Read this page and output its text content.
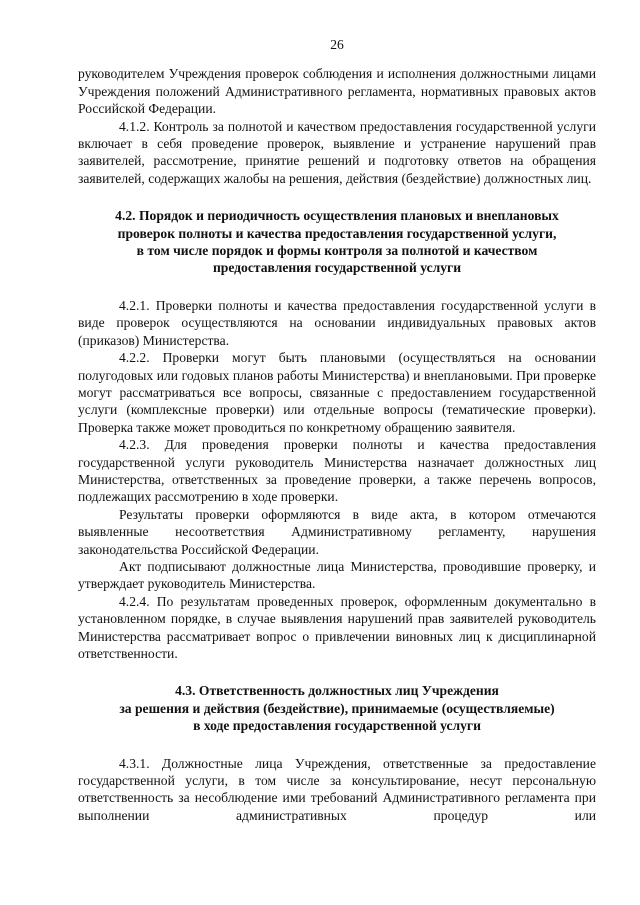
26

руководителем Учреждения проверок соблюдения и исполнения должностными лицами Учреждения положений Административного регламента, нормативных правовых актов Российской Федерации.

4.1.2. Контроль за полнотой и качеством предоставления государственной услуги включает в себя проведение проверок, выявление и устранение нарушений прав заявителей, рассмотрение, принятие решений и подготовку ответов на обращения заявителей, содержащих жалобы на решения, действия (бездействие) должностных лиц.

4.2. Порядок и периодичность осуществления плановых и внеплановых
проверок полноты и качества предоставления государственной услуги,
в том числе порядок и формы контроля за полнотой и качеством
предоставления государственной услуги

4.2.1. Проверки полноты и качества предоставления государственной услуги в виде проверок осуществляются на основании индивидуальных правовых актов (приказов) Министерства.

4.2.2. Проверки могут быть плановыми (осуществляться на основании полугодовых или годовых планов работы Министерства) и внеплановыми. При проверке могут рассматриваться все вопросы, связанные с предоставлением государственной услуги (комплексные проверки) или отдельные вопросы (тематические проверки). Проверка также может проводиться по конкретному обращению заявителя.

4.2.3. Для проведения проверки полноты и качества предоставления государственной услуги руководитель Министерства назначает должностных лиц Министерства, ответственных за проведение проверки, а также перечень вопросов, подлежащих рассмотрению в ходе проверки.

Результаты проверки оформляются в виде акта, в котором отмечаются выявленные несоответствия Административному регламенту, нарушения законодательства Российской Федерации.

Акт подписывают должностные лица Министерства, проводившие проверку, и утверждает руководитель Министерства.

4.2.4. По результатам проведенных проверок, оформленным документально в установленном порядке, в случае выявления нарушений прав заявителей руководитель Министерства рассматривает вопрос о привлечении виновных лиц к дисциплинарной ответственности.

4.3. Ответственность должностных лиц Учреждения
за решения и действия (бездействие), принимаемые (осуществляемые)
в ходе предоставления государственной услуги

4.3.1. Должностные лица Учреждения, ответственные за предоставление государственной услуги, в том числе за консультирование, несут персональную ответственность за несоблюдение ими требований Административного регламента при выполнении административных процедур или
